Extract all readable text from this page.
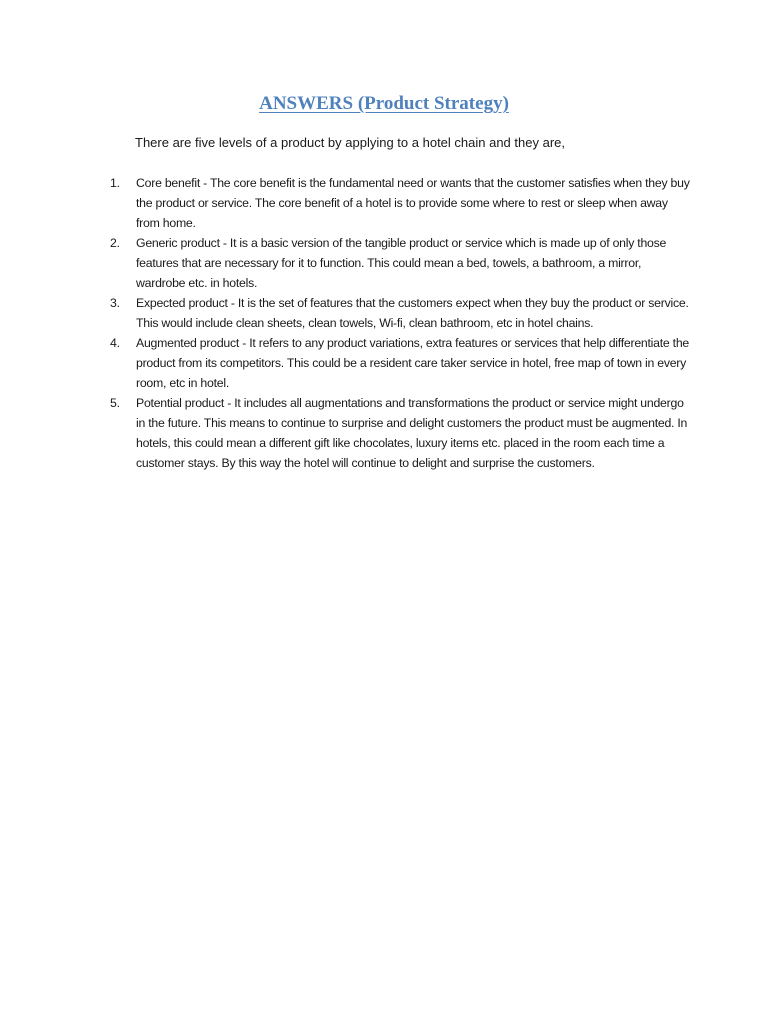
ANSWERS (Product Strategy)

There are five levels of a product by applying to a hotel chain and they are,

1.	Core benefit - The core benefit is the fundamental need or wants that the customer satisfies when they buy the product or service. The core benefit of a hotel is to provide some where to rest or sleep when away from home.
2.	Generic product - It is a basic version of the tangible product or service which is made up of only those features that are necessary for it to function. This could mean a bed, towels, a bathroom, a mirror, wardrobe etc. in hotels.
3.	Expected product - It is the set of features that the customers expect when they buy the product or service. This would include clean sheets, clean towels, Wi-fi, clean bathroom, etc in hotel chains.
4.	Augmented product - It refers to any product variations, extra features or services that help differentiate the product from its competitors. This could be a resident care taker service in hotel, free map of town in every room, etc in hotel.
5.	Potential product - It includes all augmentations and transformations the product or service might undergo in the future. This means to continue to surprise and delight customers the product must be augmented. In hotels, this could mean a different gift like chocolates, luxury items etc. placed in the room each time a customer stays. By this way the hotel will continue to delight and surprise the customers.
